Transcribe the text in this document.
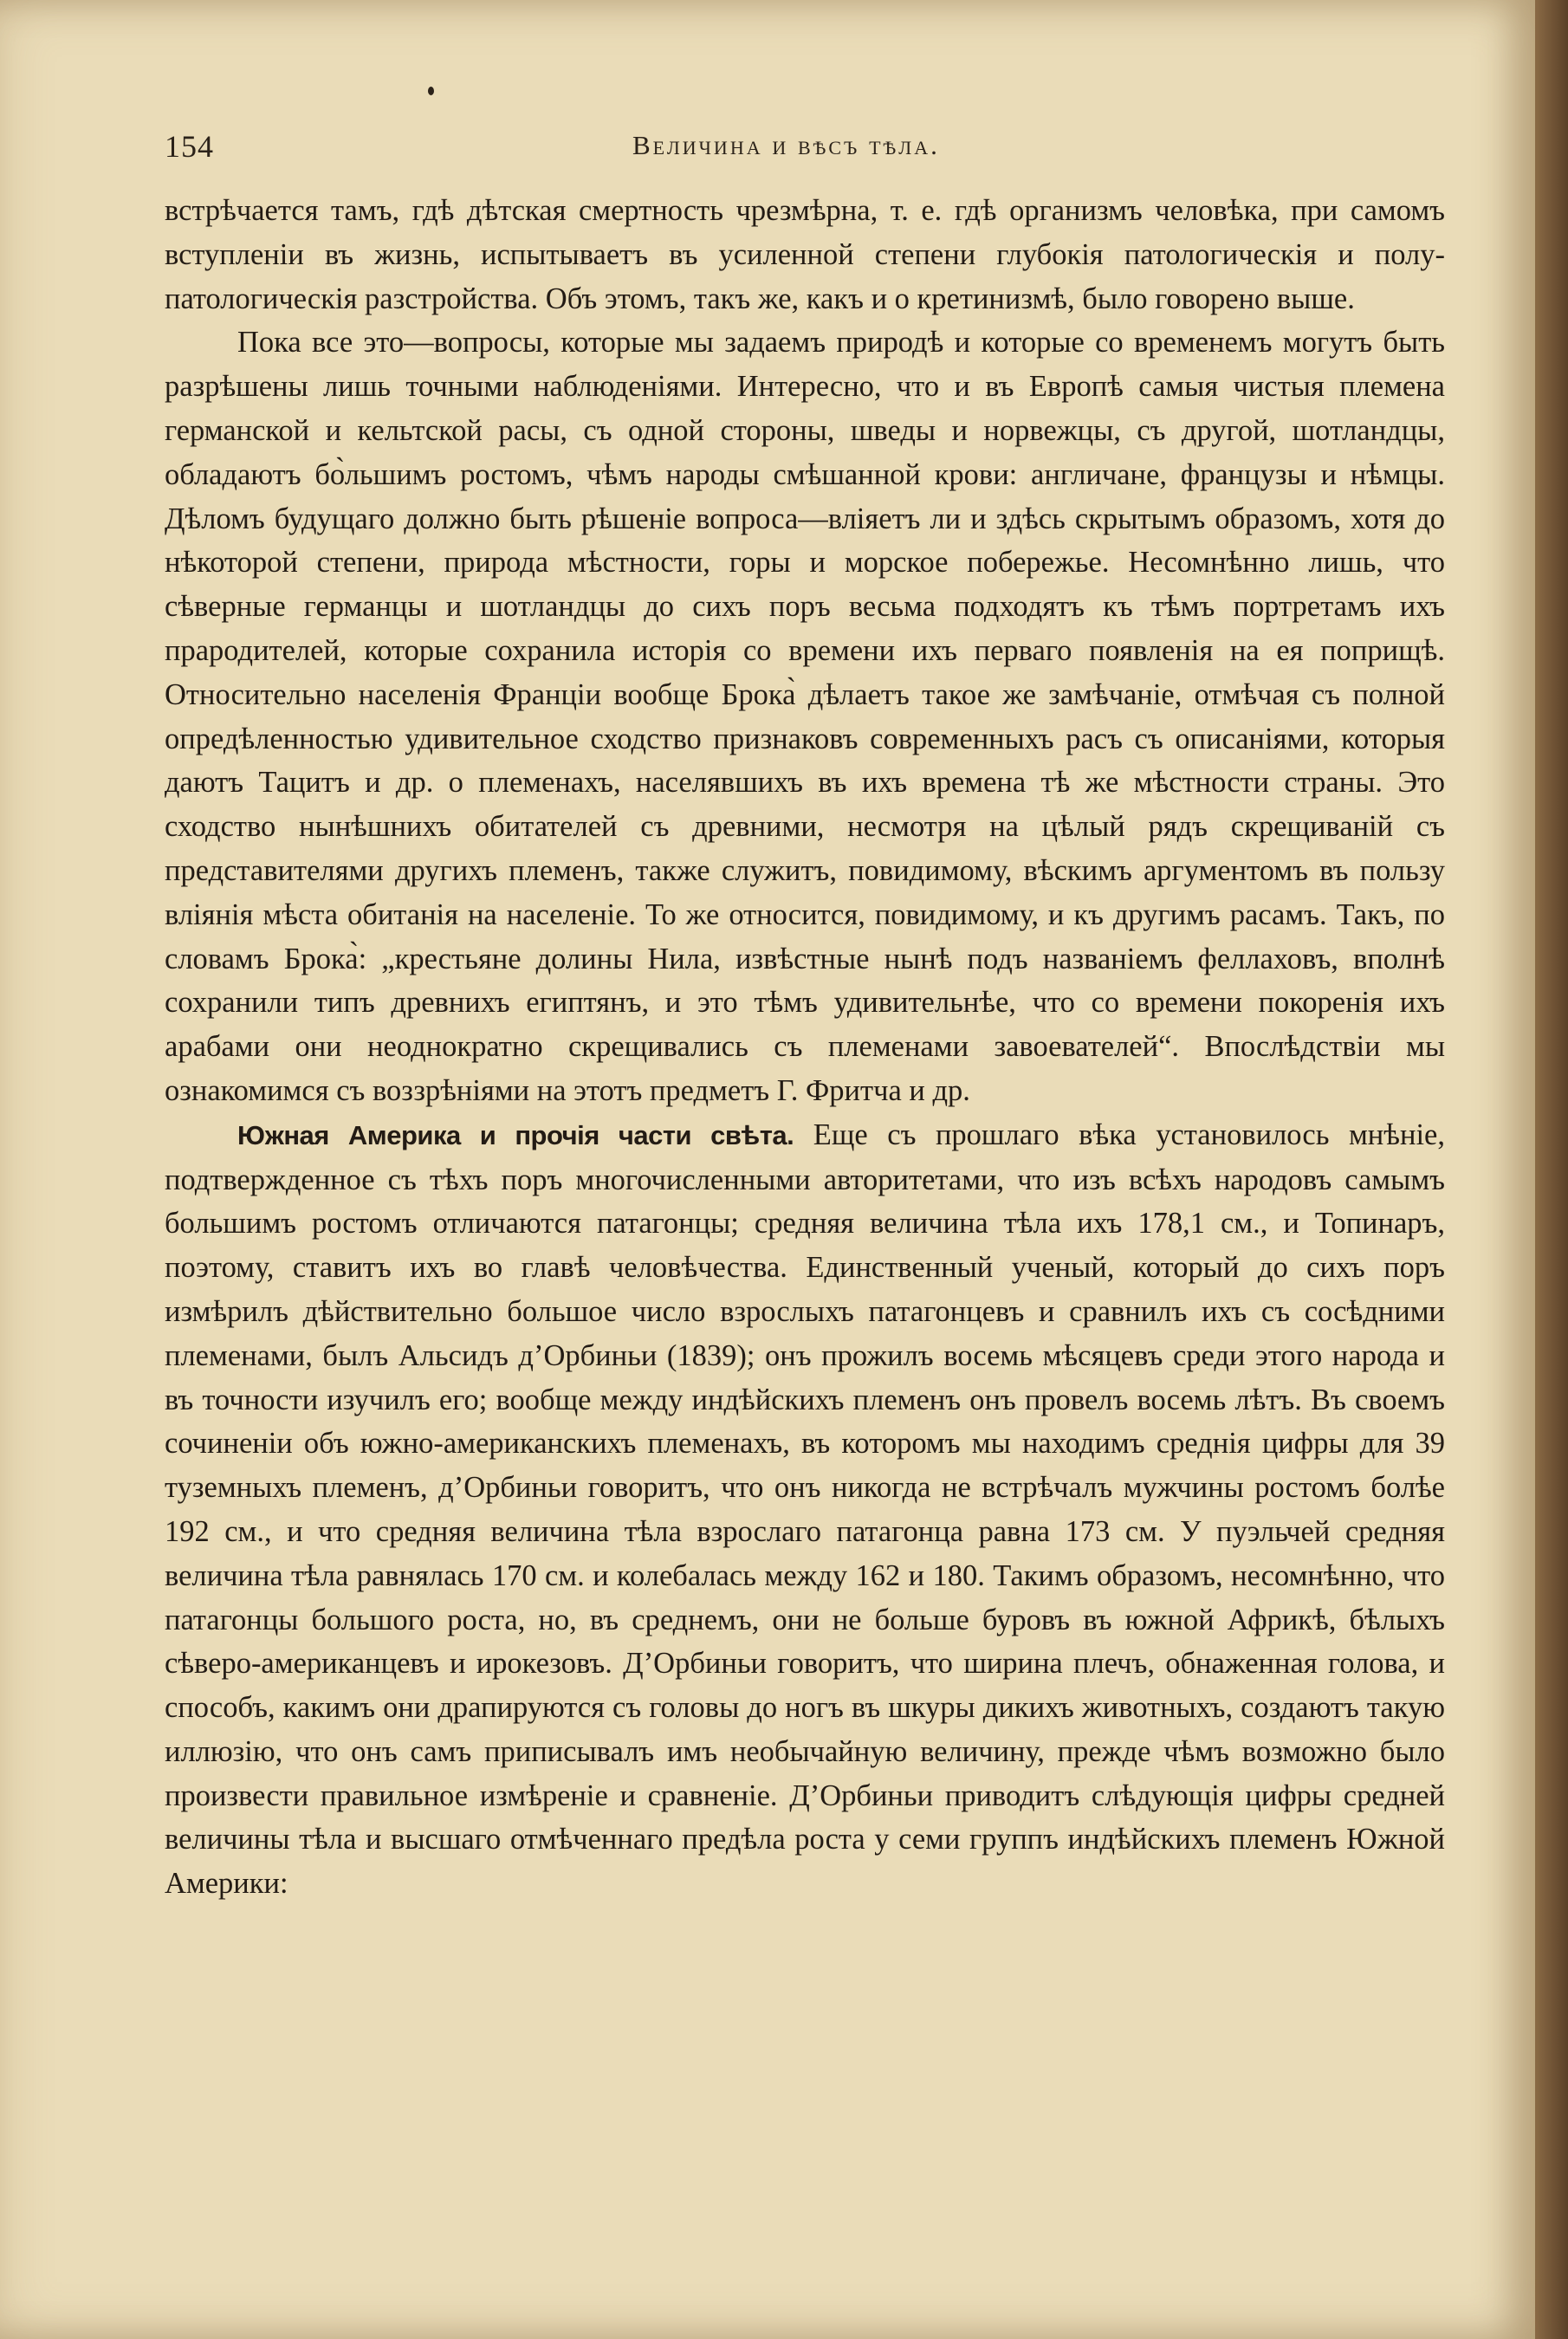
154	Величина и вѣсъ тѣла.

встрѣчается тамъ, гдѣ дѣтская смертность чрезмѣрна, т. е. гдѣ организмъ человѣка, при самомъ вступленіи въ жизнь, испытываетъ въ усиленной степени глубокія патологическія и полу-патологическія разстройства. Объ этомъ, такъ же, какъ и о кретинизмѣ, было говорено выше.

Пока все это—вопросы, которые мы задаемъ природѣ и которые со временемъ могутъ быть разрѣшены лишь точными наблюденіями. Интересно, что и въ Европѣ самыя чистыя племена германской и кельтской расы, съ одной стороны, шведы и норвежцы, съ другой, шотландцы, обладаютъ бо̀льшимъ ростомъ, чѣмъ народы смѣшанной крови: англичане, французы и нѣмцы. Дѣломъ будущаго должно быть рѣшеніе вопроса—вліяетъ ли и здѣсь скрытымъ образомъ, хотя до нѣкоторой степени, природа мѣстности, горы и морское побережье. Несомнѣнно лишь, что сѣверные германцы и шотландцы до сихъ поръ весьма подходятъ къ тѣмъ портретамъ ихъ прародителей, которые сохранила исторія со времени ихъ перваго появленія на ея поприщѣ. Относительно населенія Франціи вообще Брока̀ дѣлаетъ такое же замѣчаніе, отмѣчая съ полной опредѣленностью удивительное сходство признаковъ современныхъ расъ съ описаніями, которыя даютъ Тацитъ и др. о племенахъ, населявшихъ въ ихъ времена тѣ же мѣстности страны. Это сходство нынѣшнихъ обитателей съ древними, несмотря на цѣлый рядъ скрещиваній съ представителями другихъ племенъ, также служитъ, повидимому, вѣскимъ аргументомъ въ пользу вліянія мѣста обитанія на населеніе. То же относится, повидимому, и къ другимъ расамъ. Такъ, по словамъ Брока̀: „крестьяне долины Нила, извѣстные нынѣ подъ названіемъ феллаховъ, вполнѣ сохранили типъ древнихъ египтянъ, и это тѣмъ удивительнѣе, что со времени покоренія ихъ арабами они неоднократно скрещивались съ племенами завоевателей“. Впослѣдствіи мы ознакомимся съ воззрѣніями на этотъ предметъ Г. Фритча и др.

Южная Америка и прочія части свѣта. Еще съ прошлаго вѣка установилось мнѣніе, подтвержденное съ тѣхъ поръ многочисленными авторитетами, что изъ всѣхъ народовъ самымъ большимъ ростомъ отличаются патагонцы; средняя величина тѣла ихъ 178,1 см., и Топинаръ, поэтому, ставитъ ихъ во главѣ человѣчества. Единственный ученый, который до сихъ поръ измѣрилъ дѣйствительно большое число взрослыхъ патагонцевъ и сравнилъ ихъ съ сосѣдними племенами, былъ Альсидъ д’Орбиньи (1839); онъ прожилъ восемь мѣсяцевъ среди этого народа и въ точности изучилъ его; вообще между индѣйскихъ племенъ онъ провелъ восемь лѣтъ. Въ своемъ сочиненіи объ южно-американскихъ племенахъ, въ которомъ мы находимъ среднія цифры для 39 туземныхъ племенъ, д’Орбиньи говоритъ, что онъ никогда не встрѣчалъ мужчины ростомъ болѣе 192 см., и что средняя величина тѣла взрослаго патагонца равна 173 см. У пуэльчей средняя величина тѣла равнялась 170 см. и колебалась между 162 и 180. Такимъ образомъ, несомнѣнно, что патагонцы большого роста, но, въ среднемъ, они не больше буровъ въ южной Африкѣ, бѣлыхъ сѣверо-американцевъ и ирокезовъ. Д’Орбиньи говоритъ, что ширина плечъ, обнаженная голова, и способъ, какимъ они драпируются съ головы до ногъ въ шкуры дикихъ животныхъ, создаютъ такую иллюзію, что онъ самъ приписывалъ имъ необычайную величину, прежде чѣмъ возможно было произвести правильное измѣреніе и сравненіе. Д’Орбиньи приводитъ слѣдующія цифры средней величины тѣла и высшаго отмѣченнаго предѣла роста у семи группъ индѣйскихъ племенъ Южной Америки:
